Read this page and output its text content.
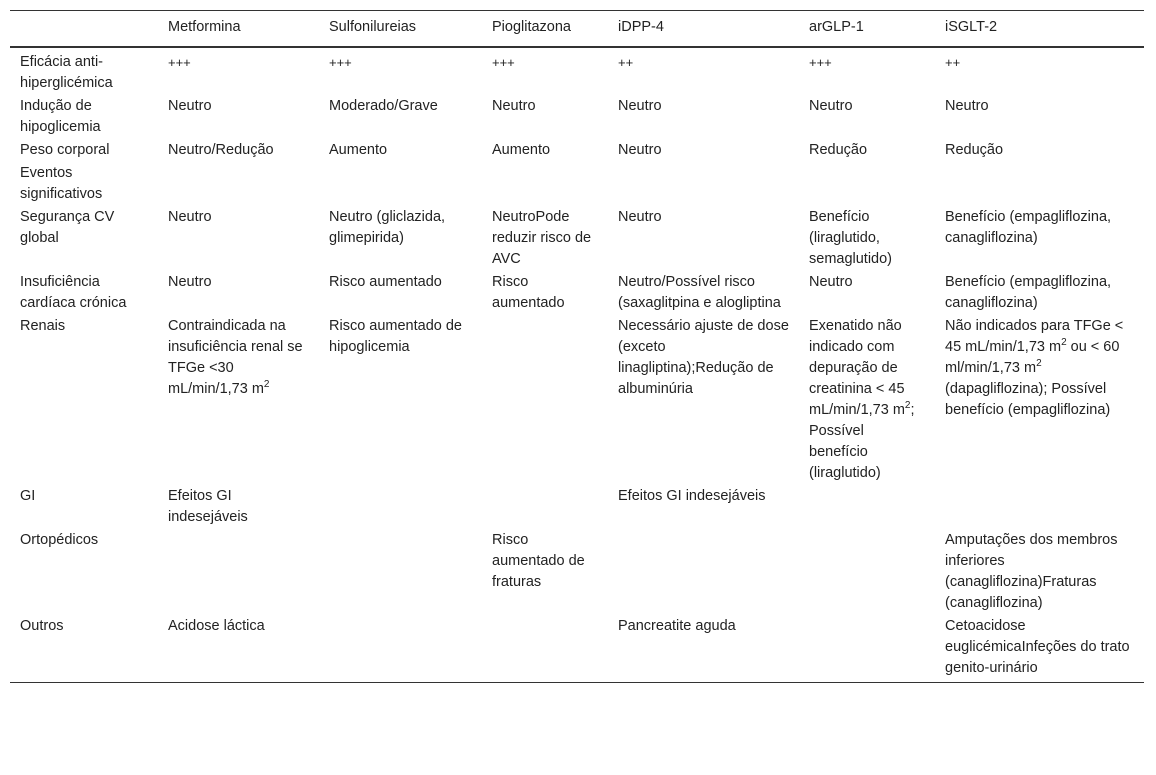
	Metformina	Sulfonilureias	Pioglitazona	iDPP-4	arGLP-1	iSGLT-2
Eficácia anti-hiperglicémica	+++	+++	+++	++	+++	++
Indução de hipoglicemia	Neutro	Moderado/Grave	Neutro	Neutro	Neutro	Neutro
Peso corporal	Neutro/Redução	Aumento	Aumento	Neutro	Redução	Redução
Eventos significativos						
Segurança CV global	Neutro	Neutro (gliclazida, glimepirida)	NeutroPode reduzir risco de AVC	Neutro	Benefício (liraglutido, semaglutido)	Benefício (empagliflozina, canagliflozina)
Insuficiência cardíaca crónica	Neutro	Risco aumentado	Risco aumentado	Neutro/Possível risco (saxaglitpina e alogliptina	Neutro	Benefício (empagliflozina, canagliflozina)
Renais	Contraindicada na insuficiência renal se TFGe <30 mL/min/1,73 $m^2$	Risco aumentado de hipoglicemia		Necessário ajuste de dose (exceto linagliptina);Redução de albuminúria	Exenatido não indicado com depuração de creatinina < 45 mL/min/1,73 $m^2$; Possível benefício (liraglutido)	Não indicados para TFGe < 45 mL/min/1,73 $m^2$ ou < 60 ml/min/1,73 $m^2$ (dapagliflozina); Possível benefício (empagliflozina)
GI	Efeitos GI indesejáveis			Efeitos GI indesejáveis		
Ortopédicos			Risco aumentado de fraturas			Amputações dos membros inferiores (canagliflozina)Fraturas (canagliflozina)
Outros	Acidose láctica			Pancreatite aguda		Cetoacidose euglicémicaInfeções do trato genito-urinário
